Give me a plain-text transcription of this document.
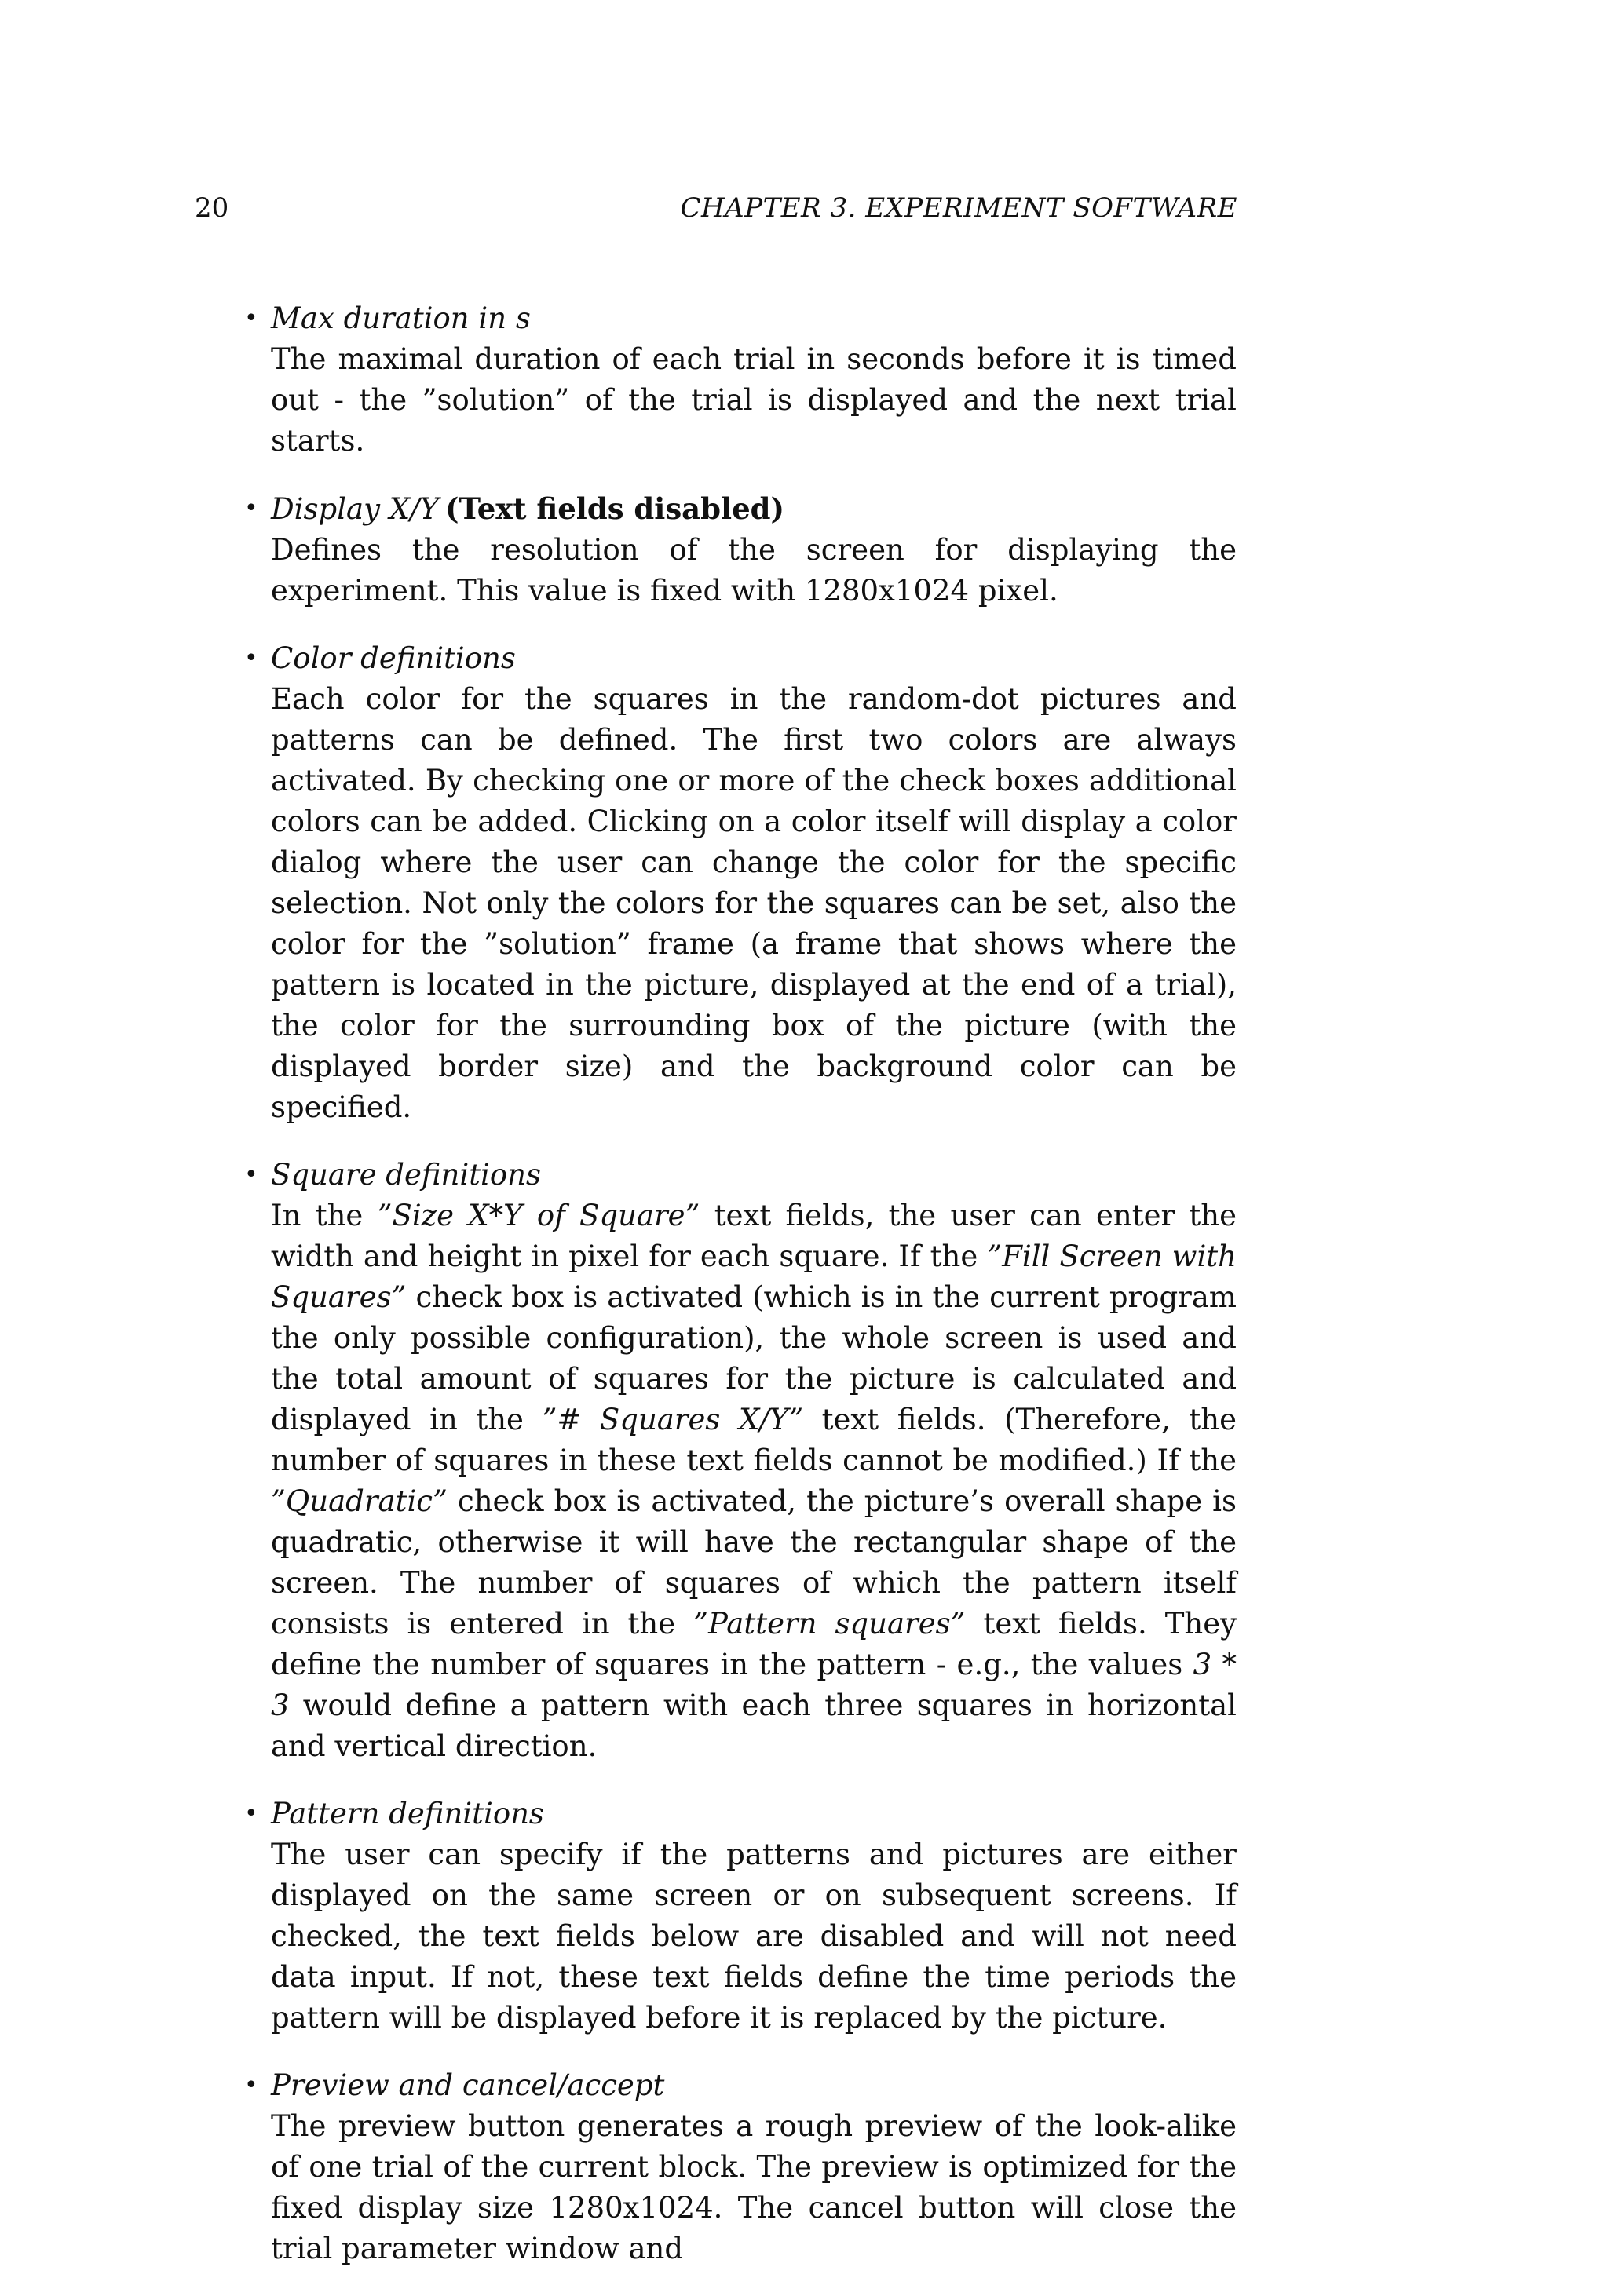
20	CHAPTER 3. EXPERIMENT SOFTWARE
• Max duration in s
The maximal duration of each trial in seconds before it is timed out - the ”solution” of the trial is displayed and the next trial starts.
• Display X/Y (Text fields disabled)
Defines the resolution of the screen for displaying the experiment. This value is fixed with 1280x1024 pixel.
• Color definitions
Each color for the squares in the random-dot pictures and patterns can be defined. The first two colors are always activated. By checking one or more of the check boxes additional colors can be added. Clicking on a color itself will display a color dialog where the user can change the color for the specific selection. Not only the colors for the squares can be set, also the color for the ”solution” frame (a frame that shows where the pattern is located in the picture, displayed at the end of a trial), the color for the surrounding box of the picture (with the displayed border size) and the background color can be specified.
• Square definitions
In the ”Size X*Y of Square” text fields, the user can enter the width and height in pixel for each square. If the ”Fill Screen with Squares” check box is activated (which is in the current program the only possible configuration), the whole screen is used and the total amount of squares for the picture is calculated and displayed in the ”# Squares X/Y” text fields. (Therefore, the number of squares in these text fields cannot be modified.) If the ”Quadratic” check box is activated, the picture’s overall shape is quadratic, otherwise it will have the rectangular shape of the screen. The number of squares of which the pattern itself consists is entered in the ”Pattern squares” text fields. They define the number of squares in the pattern - e.g., the values 3 * 3 would define a pattern with each three squares in horizontal and vertical direction.
• Pattern definitions
The user can specify if the patterns and pictures are either displayed on the same screen or on subsequent screens. If checked, the text fields below are disabled and will not need data input. If not, these text fields define the time periods the pattern will be displayed before it is replaced by the picture.
• Preview and cancel/accept
The preview button generates a rough preview of the look-alike of one trial of the current block. The preview is optimized for the fixed display size 1280x1024. The cancel button will close the trial parameter window and
